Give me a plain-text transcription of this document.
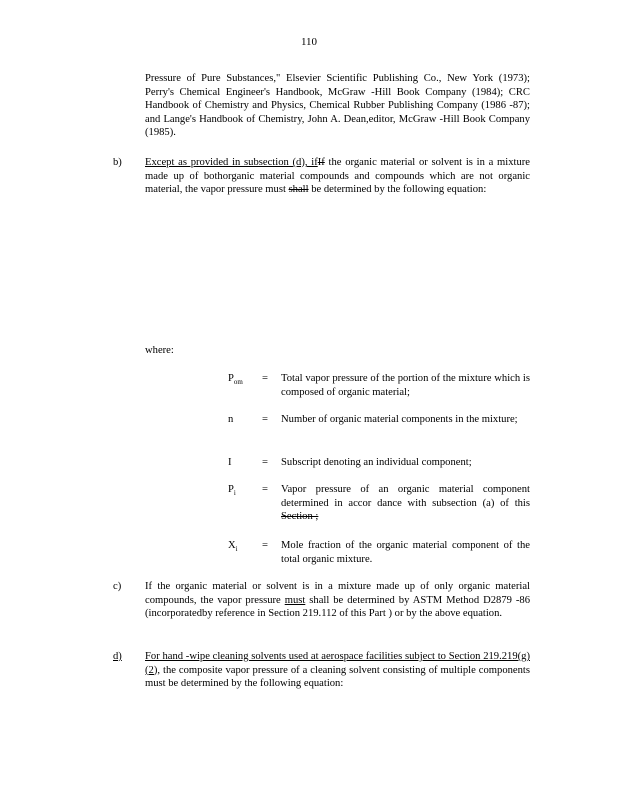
110
Pressure of Pure Substances," Elsevier Scientific Publishing Co., New York (1973); Perry's Chemical Engineer's Handbook, McGraw -Hill Book Company (1984); CRC Handbook of Chemistry and Physics, Chemical Rubber Publishing Company (1986 -87); and Lange's Handbook of Chemistry, John A. Dean,editor, McGraw -Hill Book Company (1985).
b) Except as provided in subsection (d), ifIf the organic material or solvent is in a mixture made up of bothorganic material compounds and compounds which are not organic material, the vapor pressure must shall be determined by the following equation:
where:
$P_{om}$ = Total vapor pressure of the portion of the mixture which is composed of organic material;
n	= Number of organic material components in the mixture;
I	= Subscript denoting an individual component;
$P_i$ = Vapor pressure of an organic material component determined in accor dance with subsection (a) of this Section ;
$X_i$ = Mole fraction of the organic material component of the total organic mixture.
c) If the organic material or solvent is in a mixture made up of only organic material compounds, the vapor pressure must shall be determined by ASTM Method D2879 -86 (incorporatedby reference in Section 219.112 of this Part ) or by the above equation.
d) For hand -wipe cleaning solvents used at aerospace facilities subject to Section 219.219(g)(2), the composite vapor pressure of a cleaning solvent consisting of multiple components must be determined by the following equation:
